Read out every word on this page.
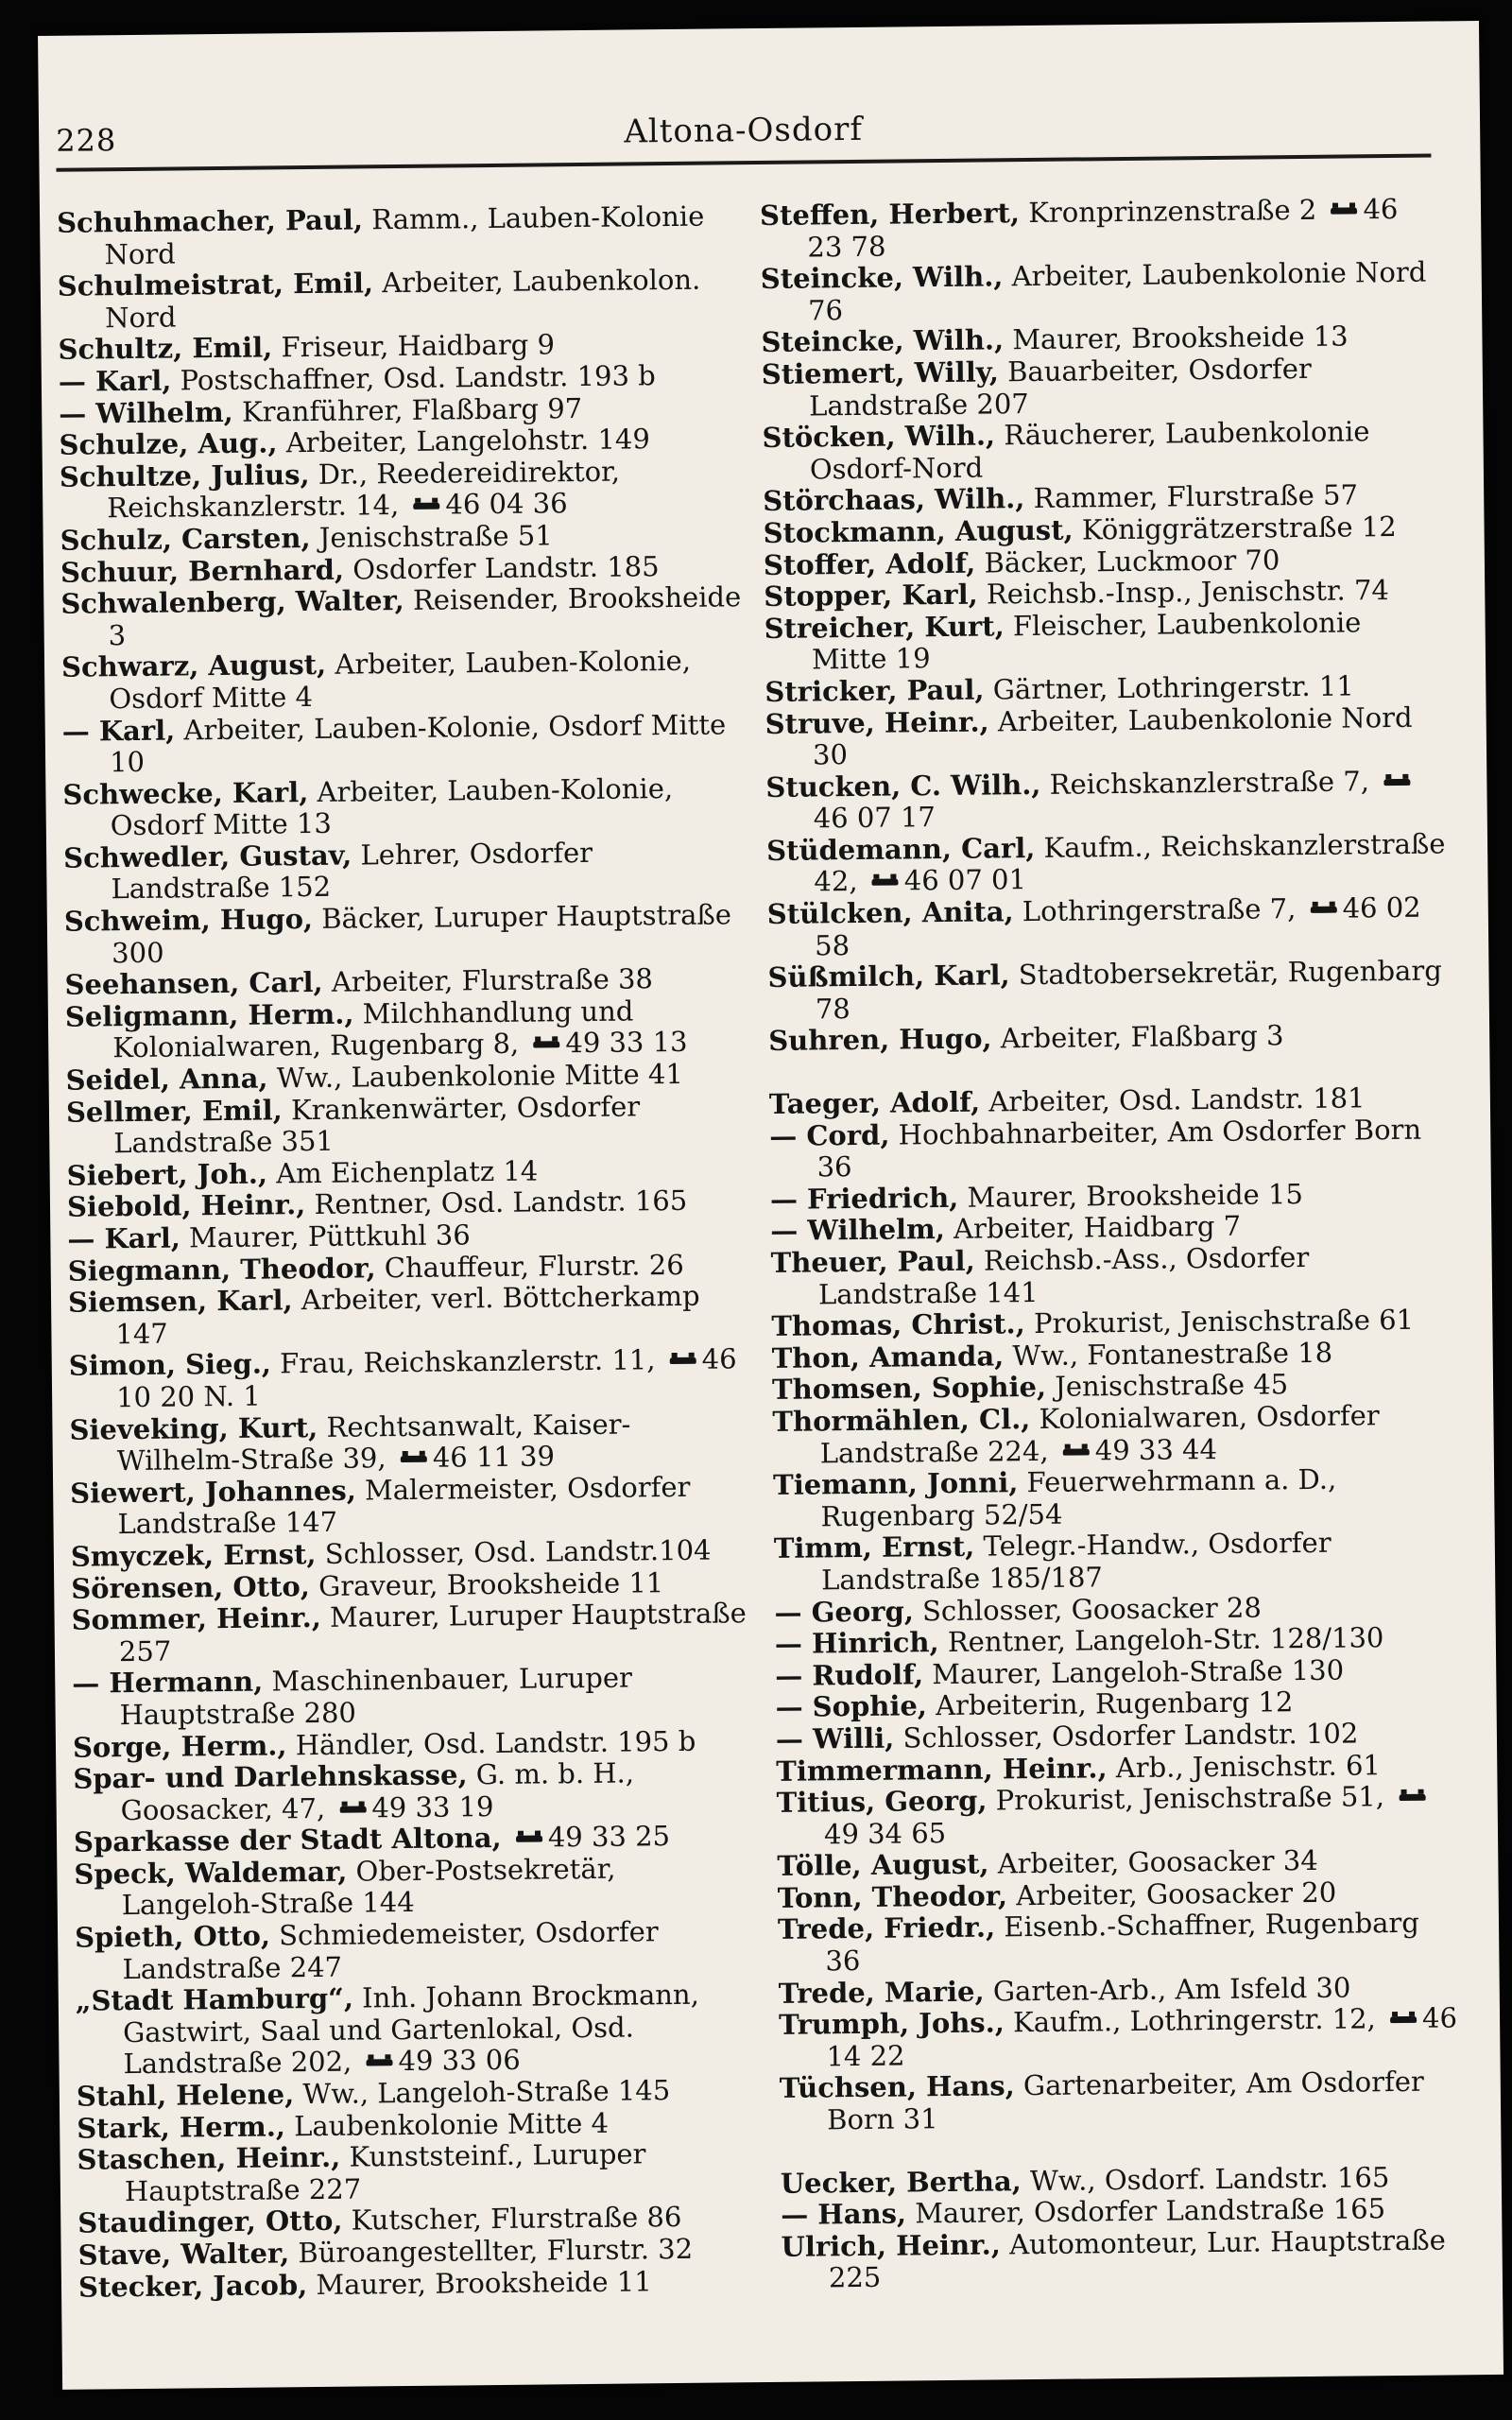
228	Altona-Osdorf

Schuhmacher, Paul, Ramm., Lauben-Kolonie Nord

Schulmeistrat, Emil, Arbeiter, Laubenkolon. Nord

Schultz, Emil, Friseur, Haidbarg 9

— Karl, Postschaffner, Osd. Landstr. 193 b

— Wilhelm, Kranführer, Flaßbarg 97

Schulze, Aug., Arbeiter, Langelohstr. 149

Schultze, Julius, Dr., Reedereidirektor, Reichskanzlerstr. 14, 46 04 36

Schulz, Carsten, Jenischstraße 51

Schuur, Bernhard, Osdorfer Landstr. 185

Schwalenberg, Walter, Reisender, Brooksheide 3

Schwarz, August, Arbeiter, Lauben-Kolonie, Osdorf Mitte 4

— Karl, Arbeiter, Lauben-Kolonie, Osdorf Mitte 10

Schwecke, Karl, Arbeiter, Lauben-Kolonie, Osdorf Mitte 13

Schwedler, Gustav, Lehrer, Osdorfer Landstraße 152

Schweim, Hugo, Bäcker, Luruper Hauptstraße 300

Seehansen, Carl, Arbeiter, Flurstraße 38

Seligmann, Herm., Milchhandlung und Kolonialwaren, Rugenbarg 8, 49 33 13

Seidel, Anna, Ww., Laubenkolonie Mitte 41

Sellmer, Emil, Krankenwärter, Osdorfer Landstraße 351

Siebert, Joh., Am Eichenplatz 14

Siebold, Heinr., Rentner, Osd. Landstr. 165

— Karl, Maurer, Püttkuhl 36

Siegmann, Theodor, Chauffeur, Flurstr. 26

Siemsen, Karl, Arbeiter, verl. Böttcherkamp 147

Simon, Sieg., Frau, Reichskanzlerstr. 11, 46 10 20 N. 1

Sieveking, Kurt, Rechtsanwalt, Kaiser-Wilhelm-Straße 39, 46 11 39

Siewert, Johannes, Malermeister, Osdorfer Landstraße 147

Smyczek, Ernst, Schlosser, Osd. Landstr.104

Sörensen, Otto, Graveur, Brooksheide 11

Sommer, Heinr., Maurer, Luruper Hauptstraße 257

— Hermann, Maschinenbauer, Luruper Hauptstraße 280

Sorge, Herm., Händler, Osd. Landstr. 195 b

Spar- und Darlehnskasse, G. m. b. H., Goosacker, 47, 49 33 19

Sparkasse der Stadt Altona, 49 33 25

Speck, Waldemar, Ober-Postsekretär, Langeloh-Straße 144

Spieth, Otto, Schmiedemeister, Osdorfer Landstraße 247

„Stadt Hamburg“, Inh. Johann Brockmann, Gastwirt, Saal und Gartenlokal, Osd. Landstraße 202, 49 33 06

Stahl, Helene, Ww., Langeloh-Straße 145

Stark, Herm., Laubenkolonie Mitte 4

Staschen, Heinr., Kunststeinf., Luruper Hauptstraße 227

Staudinger, Otto, Kutscher, Flurstraße 86

Stave, Walter, Büroangestellter, Flurstr. 32

Stecker, Jacob, Maurer, Brooksheide 11

Steffen, Herbert, Kronprinzenstraße 2 46 23 78

Steincke, Wilh., Arbeiter, Laubenkolonie Nord 76

Steincke, Wilh., Maurer, Brooksheide 13

Stiemert, Willy, Bauarbeiter, Osdorfer Landstraße 207

Stöcken, Wilh., Räucherer, Laubenkolonie Osdorf-Nord

Störchaas, Wilh., Rammer, Flurstraße 57

Stockmann, August, Königgrätzerstraße 12

Stoffer, Adolf, Bäcker, Luckmoor 70

Stopper, Karl, Reichsb.-Insp., Jenischstr. 74

Streicher, Kurt, Fleischer, Laubenkolonie Mitte 19

Stricker, Paul, Gärtner, Lothringerstr. 11

Struve, Heinr., Arbeiter, Laubenkolonie Nord 30

Stucken, C. Wilh., Reichskanzlerstraße 7, 46 07 17

Stüdemann, Carl, Kaufm., Reichskanzlerstraße 42, 46 07 01

Stülcken, Anita, Lothringerstraße 7, 46 02 58

Süßmilch, Karl, Stadtobersekretär, Rugenbarg 78

Suhren, Hugo, Arbeiter, Flaßbarg 3

Taeger, Adolf, Arbeiter, Osd. Landstr. 181

— Cord, Hochbahnarbeiter, Am Osdorfer Born 36

— Friedrich, Maurer, Brooksheide 15

— Wilhelm, Arbeiter, Haidbarg 7

Theuer, Paul, Reichsb.-Ass., Osdorfer Landstraße 141

Thomas, Christ., Prokurist, Jenischstraße 61

Thon, Amanda, Ww., Fontanestraße 18

Thomsen, Sophie, Jenischstraße 45

Thormählen, Cl., Kolonialwaren, Osdorfer Landstraße 224, 49 33 44

Tiemann, Jonni, Feuerwehrmann a. D., Rugenbarg 52/54

Timm, Ernst, Telegr.-Handw., Osdorfer Landstraße 185/187

— Georg, Schlosser, Goosacker 28

— Hinrich, Rentner, Langeloh-Str. 128/130

— Rudolf, Maurer, Langeloh-Straße 130

— Sophie, Arbeiterin, Rugenbarg 12

— Willi, Schlosser, Osdorfer Landstr. 102

Timmermann, Heinr., Arb., Jenischstr. 61

Titius, Georg, Prokurist, Jenischstraße 51, 49 34 65

Tölle, August, Arbeiter, Goosacker 34

Tonn, Theodor, Arbeiter, Goosacker 20

Trede, Friedr., Eisenb.-Schaffner, Rugenbarg 36

Trede, Marie, Garten-Arb., Am Isfeld 30

Trumph, Johs., Kaufm., Lothringerstr. 12, 46 14 22

Tüchsen, Hans, Gartenarbeiter, Am Osdorfer Born 31

Uecker, Bertha, Ww., Osdorf. Landstr. 165

— Hans, Maurer, Osdorfer Landstraße 165

Ulrich, Heinr., Automonteur, Lur. Hauptstraße 225
